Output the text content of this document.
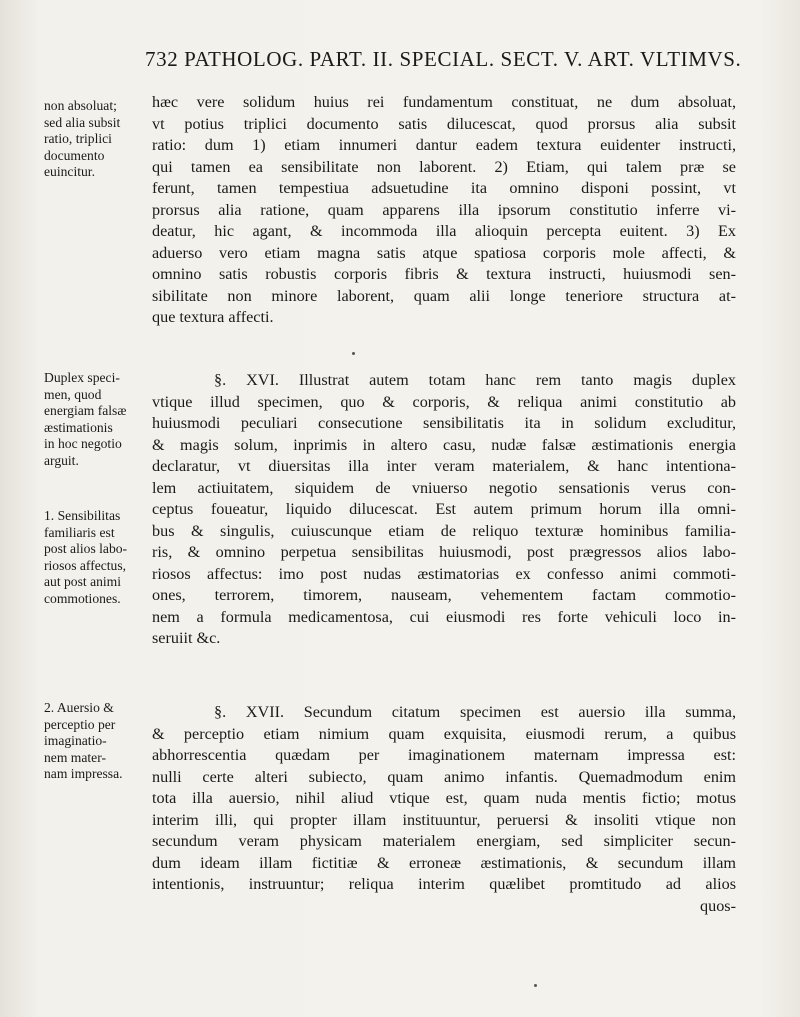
732 PATHOLOG. PART. II. SPECIAL. SECT. V. ART. VLTIMVS.
non absoluat;
sed alia subsit
ratio, triplici
documento
euincitur.
Duplex speci-
men, quod
energiam falsæ
æstimationis
in hoc negotio
arguit.
1. Sensibilitas
familiaris est
post alios labo-
riosos affectus,
aut post animi
commotiones.
2. Auersio &
perceptio per
imaginatio-
nem mater-
nam impressa.
hæc vere solidum huius rei fundamentum constituat, ne dum absoluat,
vt potius triplici documento satis dilucescat, quod prorsus alia subsit
ratio: dum 1) etiam innumeri dantur eadem textura euidenter instructi,
qui tamen ea sensibilitate non laborent. 2) Etiam, qui talem præ se
ferunt, tamen tempestiua adsuetudine ita omnino disponi possint, vt
prorsus alia ratione, quam apparens illa ipsorum constitutio inferre vi-
deatur, hic agant, & incommoda illa alioquin percepta euitent. 3) Ex
aduerso vero etiam magna satis atque spatiosa corporis mole affecti, &
omnino satis robustis corporis fibris & textura instructi, huiusmodi sen-
sibilitate non minore laborent, quam alii longe teneriore structura at-
que textura affecti.
§. XVI. Illustrat autem totam hanc rem tanto magis duplex
vtique illud specimen, quo & corporis, & reliqua animi constitutio ab
huiusmodi peculiari consecutione sensibilitatis ita in solidum excluditur,
& magis solum, inprimis in altero casu, nudæ falsæ æstimationis energia
declaratur, vt diuersitas illa inter veram materialem, & hanc intentiona-
lem actiuitatem, siquidem de vniuerso negotio sensationis verus con-
ceptus foueatur, liquido dilucescat. Est autem primum horum illa omni-
bus & singulis, cuiuscunque etiam de reliquo texturæ hominibus familia-
ris, & omnino perpetua sensibilitas huiusmodi, post prægressos alios labo-
riosos affectus: imo post nudas æstimatorias ex confesso animi commoti-
ones, terrorem, timorem, nauseam, vehementem factam commotio-
nem a formula medicamentosa, cui eiusmodi res forte vehiculi loco in-
seruiit &c.
§. XVII. Secundum citatum specimen est auersio illa summa,
& perceptio etiam nimium quam exquisita, eiusmodi rerum, a quibus
abhorrescentia quædam per imaginationem maternam impressa est:
nulli certe alteri subiecto, quam animo infantis. Quemadmodum enim
tota illa auersio, nihil aliud vtique est, quam nuda mentis fictio; motus
interim illi, qui propter illam instituuntur, peruersi & insoliti vtique non
secundum veram physicam materialem energiam, sed simpliciter secun-
dum ideam illam fictitiæ & erroneæ æstimationis, & secundum illam
intentionis, instruuntur; reliqua interim quælibet promtitudo ad alios
quos-
